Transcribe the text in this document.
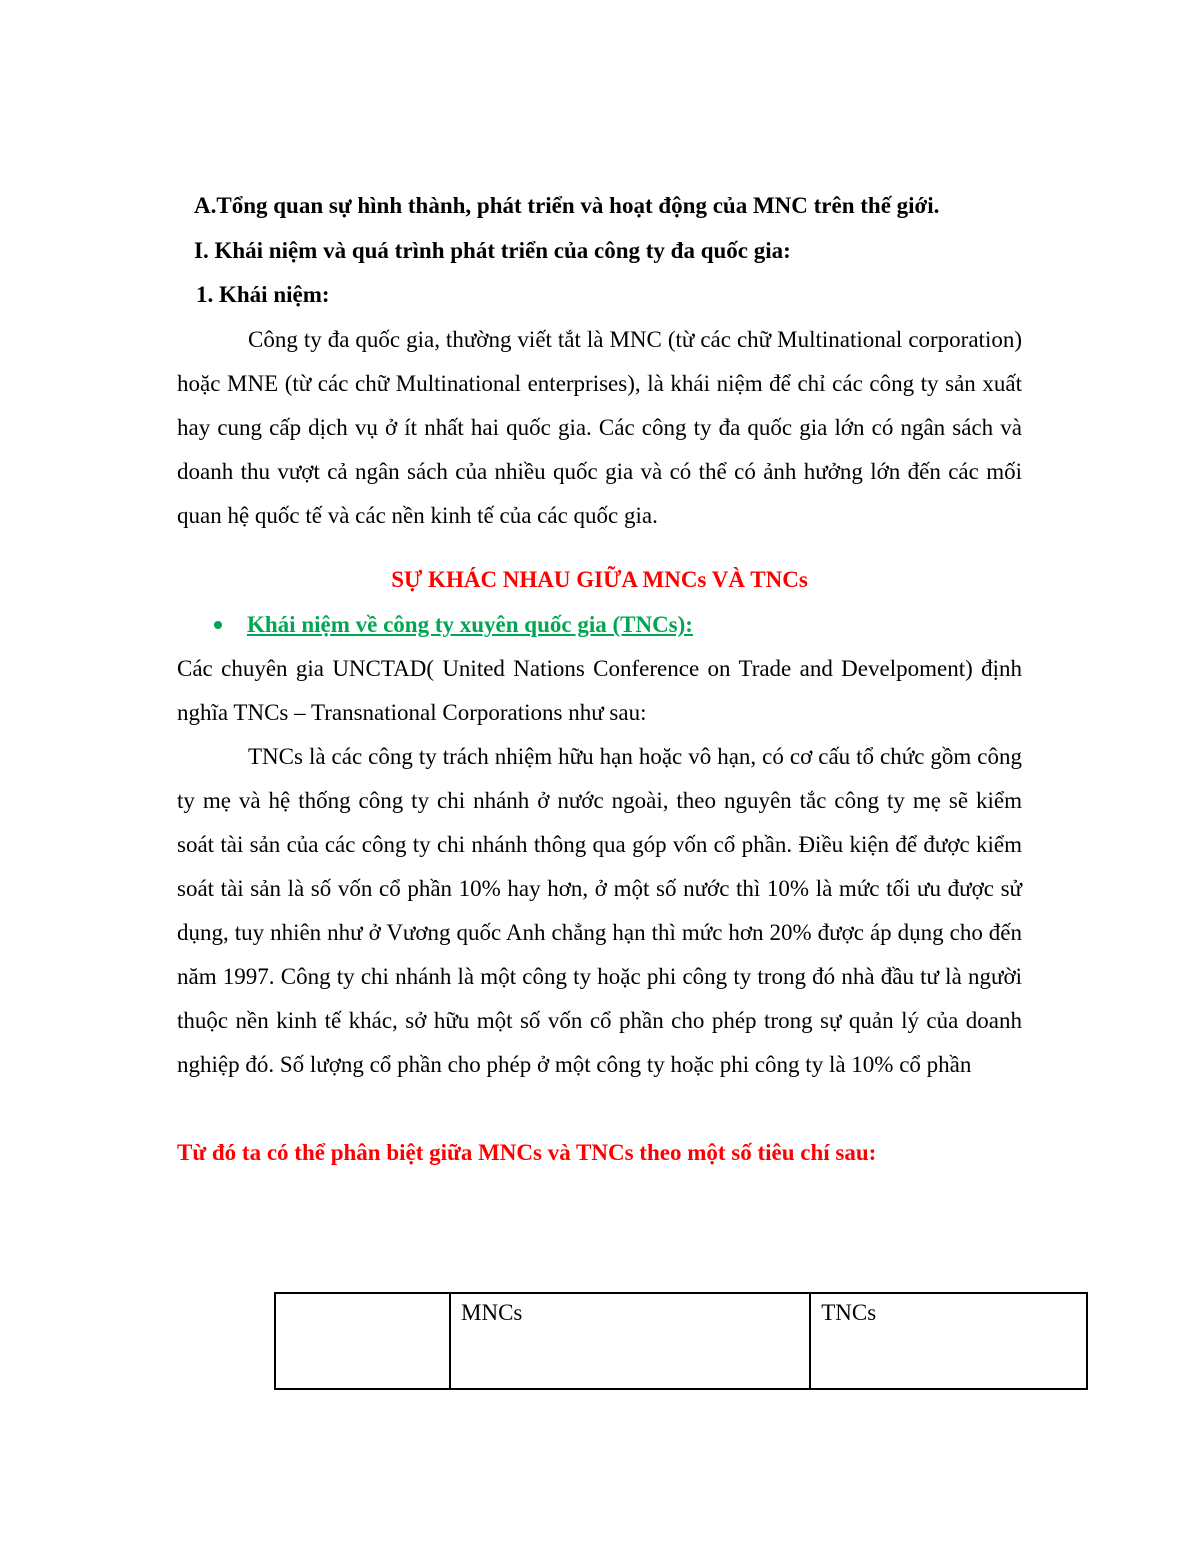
A.Tổng quan sự hình thành, phát triển và hoạt động của MNC trên thế giới.
I. Khái niệm và quá trình phát triển của công ty đa quốc gia:
1. Khái niệm:

Công ty đa quốc gia, thường viết tắt là MNC (từ các chữ Multinational corporation) hoặc MNE (từ các chữ Multinational enterprises), là khái niệm để chỉ các công ty sản xuất hay cung cấp dịch vụ ở ít nhất hai quốc gia. Các công ty đa quốc gia lớn có ngân sách và doanh thu vượt cả ngân sách của nhiều quốc gia và có thể có ảnh hưởng lớn đến các mối quan hệ quốc tế và các nền kinh tế của các quốc gia.

SỰ KHÁC NHAU GIỮA MNCs VÀ TNCs
Khái niệm về công ty xuyên quốc gia (TNCs):

Các chuyên gia UNCTAD( United Nations Conference on Trade and Develpoment) định nghĩa TNCs – Transnational Corporations như sau:

TNCs là các công ty trách nhiệm hữu hạn hoặc vô hạn, có cơ cấu tổ chức gồm công ty mẹ và hệ thống công ty chi nhánh ở nước ngoài, theo nguyên tắc công ty mẹ sẽ kiểm soát tài sản của các công ty chi nhánh thông qua góp vốn cổ phần. Điều kiện để được kiểm soát tài sản là số vốn cổ phần 10% hay hơn, ở một số nước thì 10% là mức tối ưu được sử dụng, tuy nhiên như ở Vương quốc Anh chẳng hạn thì mức hơn 20% được áp dụng cho đến năm 1997. Công ty chi nhánh là một công ty hoặc phi công ty trong đó nhà đầu tư là người thuộc nền kinh tế khác, sở hữu một số vốn cổ phần cho phép trong sự quản lý của doanh nghiệp đó. Số lượng cổ phần cho phép ở một công ty hoặc phi công ty là 10% cổ phần

Từ đó ta có thể phân biệt giữa MNCs và TNCs theo một số tiêu chí sau:
	MNCs	TNCs
